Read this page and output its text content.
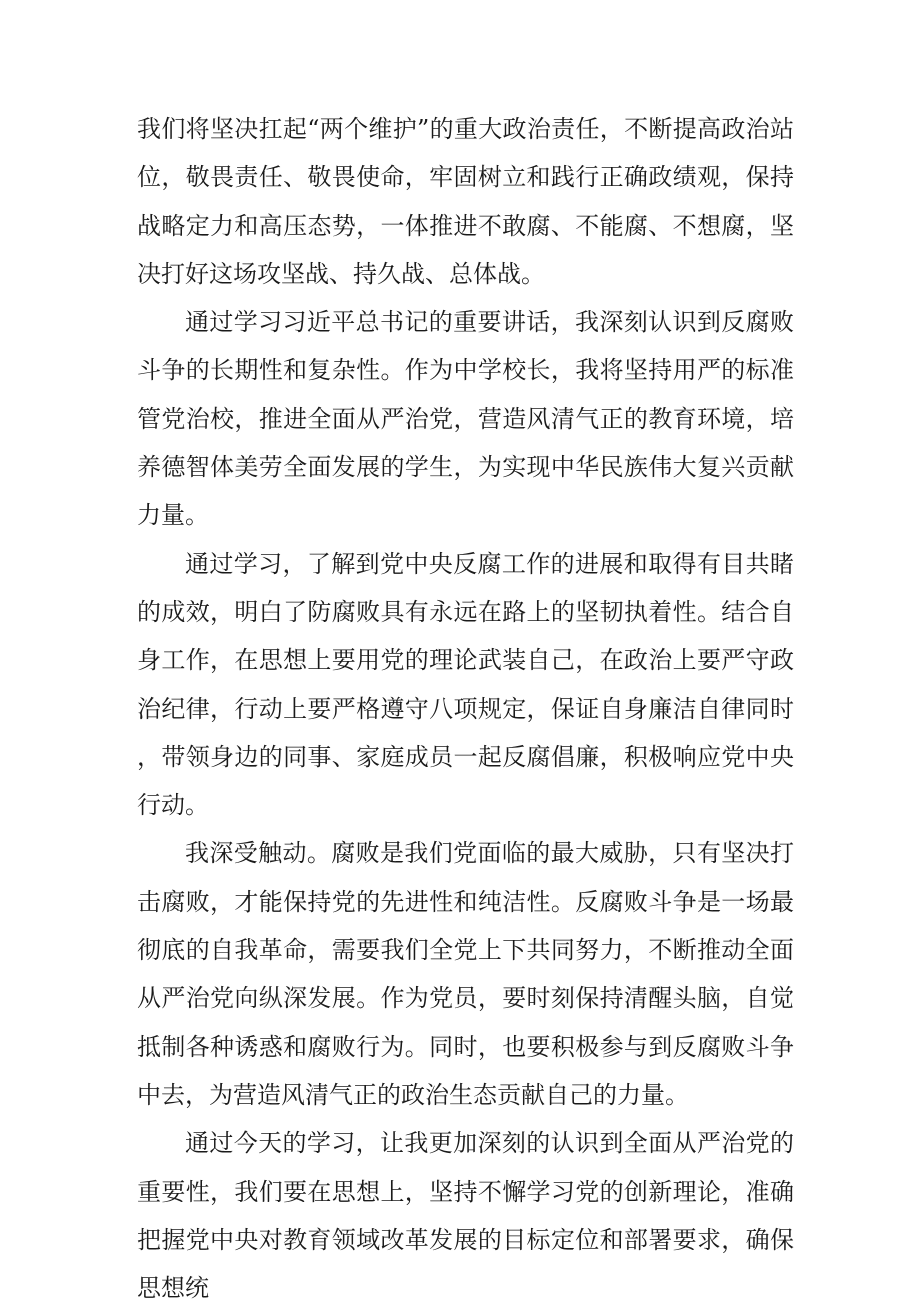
我们将坚决扛起“两个维护”的重大政治责任，不断提高政治站位，敬畏责任、敬畏使命，牢固树立和践行正确政绩观，保持战略定力和高压态势，一体推进不敢腐、不能腐、不想腐，坚决打好这场攻坚战、持久战、总体战。

通过学习习近平总书记的重要讲话，我深刻认识到反腐败斗争的长期性和复杂性。作为中学校长，我将坚持用严的标准管党治校，推进全面从严治党，营造风清气正的教育环境，培养德智体美劳全面发展的学生，为实现中华民族伟大复兴贡献力量。

通过学习，了解到党中央反腐工作的进展和取得有目共睹的成效，明白了防腐败具有永远在路上的坚韧执着性。结合自身工作，在思想上要用党的理论武装自己，在政治上要严守政治纪律，行动上要严格遵守八项规定，保证自身廉洁自律同时，带领身边的同事、家庭成员一起反腐倡廉，积极响应党中央行动。

我深受触动。腐败是我们党面临的最大威胁，只有坚决打击腐败，才能保持党的先进性和纯洁性。反腐败斗争是一场最彻底的自我革命，需要我们全党上下共同努力，不断推动全面从严治党向纵深发展。作为党员，要时刻保持清醒头脑，自觉抵制各种诱惑和腐败行为。同时，也要积极参与到反腐败斗争中去，为营造风清气正的政治生态贡献自己的力量。

通过今天的学习，让我更加深刻的认识到全面从严治党的重要性，我们要在思想上，坚持不懈学习党的创新理论，准确把握党中央对教育领域改革发展的目标定位和部署要求，确保思想统
